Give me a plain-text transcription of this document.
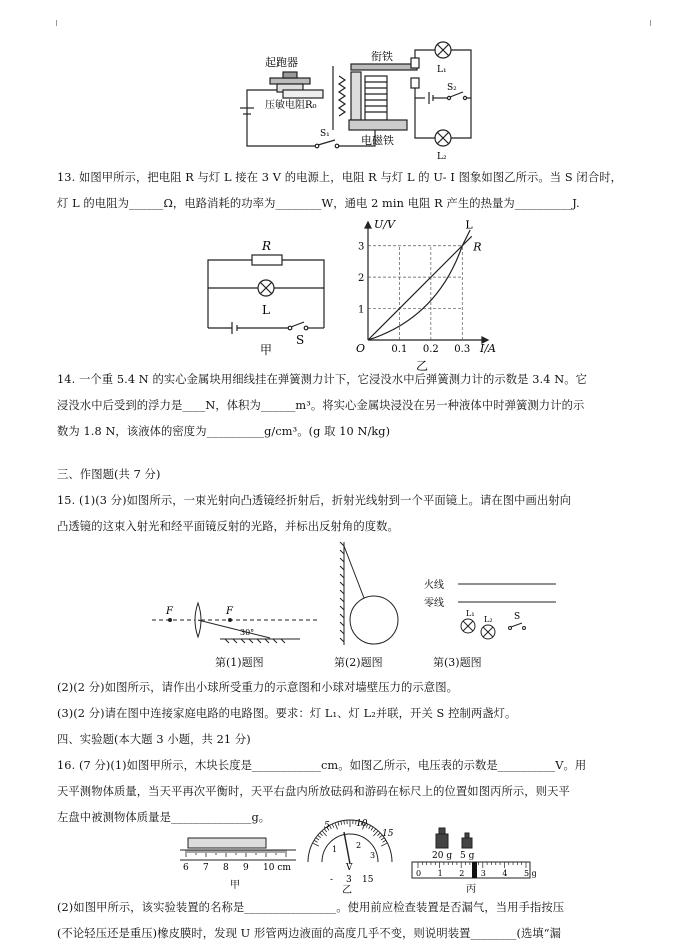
起跑器	衔铁
压敏电阻R₀
电磁铁
S₁
S₂
L₁
L₂
13. 如图甲所示，把电阻 R 与灯 L 接在 3 V 的电源上，电阻 R 与灯 L 的 U- I 图象如图乙所示。当 S 闭合时，
灯 L 的电阻为______Ω，电路消耗的功率为________W，通电 2 min 电阻 R 产生的热量为__________J.
R
L
S
甲
1
2
3
0.1 0.2 0.3
U/V
I/A
O
L
R
乙
14. 一个重 5.4 N 的实心金属块用细线挂在弹簧测力计下，它浸没水中后弹簧测力计的示数是 3.4 N。它
浸没水中后受到的浮力是____N，体积为______m³。将实心金属块浸没在另一种液体中时弹簧测力计的示
数为 1.8 N，该液体的密度为__________g/cm³。(g 取 10 N/kg)
三、作图题(共 7 分)
15. (1)(3 分)如图所示，一束光射向凸透镜经折射后，折射光线射到一个平面镜上。请在图中画出射向
凸透镜的这束入射光和经平面镜反射的光路，并标出反射角的度数。
F	F
30°
火线
零线
L₁
L₂ S
第(1)题图	第(2)题图	第(3)题图
(2)(2 分)如图所示，请作出小球所受重力的示意图和小球对墙壁压力的示意图。
(3)(2 分)请在图中连接家庭电路的电路图。要求：灯 L₁、灯 L₂并联，开关 S 控制两盏灯。
四、实验题(本大题 3 小题，共 21 分)
16. (7 分)(1)如图甲所示，木块长度是____________cm。如图乙所示，电压表的示数是__________V。用
天平测物体质量，当天平再次平衡时，天平右盘内所放砝码和游码在标尺上的位置如图丙所示，则天平
左盘中被测物体质量是______________g。
6 7 8 9 10 cm
甲
5	10
15
1 2
3
V
- 3 15
乙
20 g 5 g
0 1 2 3 4 5 g
丙
(2)如图甲所示，该实验装置的名称是________________。使用前应检查装置是否漏气，当用手指按压
(不论轻压还是重压)橡皮膜时，发现 U 形管两边液面的高度几乎不变，则说明装置________(选填“漏
